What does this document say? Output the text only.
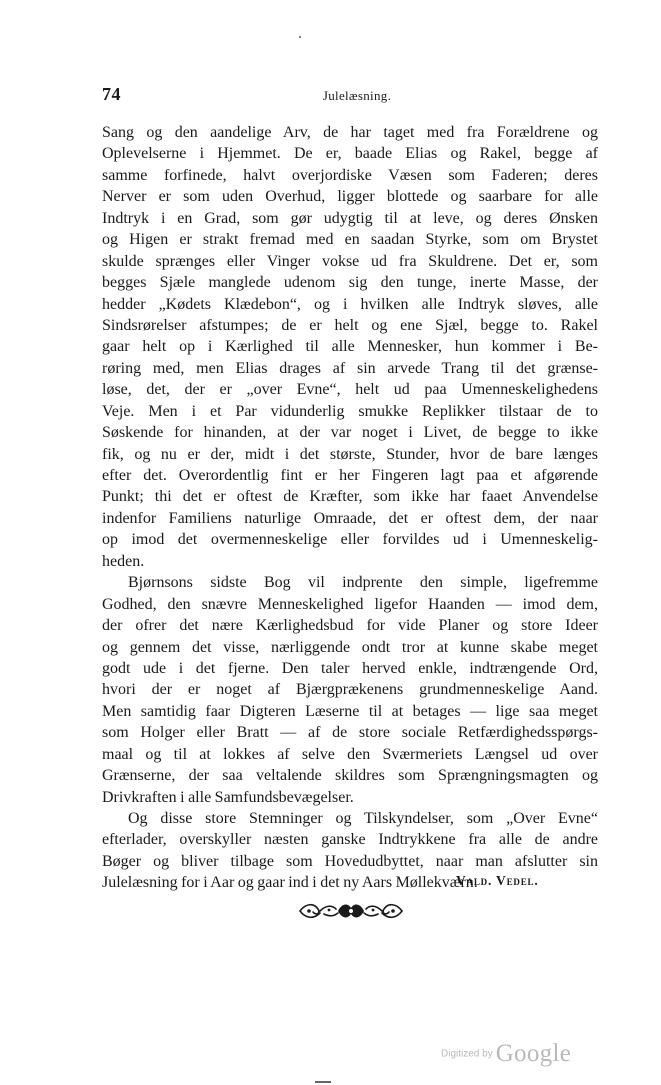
74	Julelæsning.
Sang og den aandelige Arv, de har taget med fra Forældrene og
Oplevelserne i Hjemmet. De er, baade Elias og Rakel, begge af
samme forfinede, halvt overjordiske Væsen som Faderen; deres
Nerver er som uden Overhud, ligger blottede og saarbare for alle
Indtryk i en Grad, som gør udygtig til at leve, og deres Ønsken
og Higen er strakt fremad med en saadan Styrke, som om Brystet
skulde sprænges eller Vinger vokse ud fra Skuldrene. Det er, som
begges Sjæle manglede udenom sig den tunge, inerte Masse, der
hedder „Kødets Klædebon“, og i hvilken alle Indtryk sløves, alle
Sindsrørelser afstumpes; de er helt og ene Sjæl, begge to. Rakel
gaar helt op i Kærlighed til alle Mennesker, hun kommer i Be-
røring med, men Elias drages af sin arvede Trang til det grænse-
løse, det, der er „over Evne“, helt ud paa Umenneskelighedens
Veje. Men i et Par vidunderlig smukke Replikker tilstaar de to
Søskende for hinanden, at der var noget i Livet, de begge to ikke
fik, og nu er der, midt i det største, Stunder, hvor de bare længes
efter det. Overordentlig fint er her Fingeren lagt paa et afgørende
Punkt; thi det er oftest de Kræfter, som ikke har faaet Anvendelse
indenfor Familiens naturlige Omraade, det er oftest dem, der naar
op imod det overmenneskelige eller forvildes ud i Umenneskelig-
heden.
Bjørnsons sidste Bog vil indprente den simple, ligefremme
Godhed, den snævre Menneskelighed ligefor Haanden — imod dem,
der ofrer det nære Kærlighedsbud for vide Planer og store Ideer
og gennem det visse, nærliggende ondt tror at kunne skabe meget
godt ude i det fjerne. Den taler herved enkle, indtrængende Ord,
hvori der er noget af Bjærgprækenens grundmenneskelige Aand.
Men samtidig faar Digteren Læserne til at betages — lige saa meget
som Holger eller Bratt — af de store sociale Retfærdighedsspørgs-
maal og til at lokkes af selve den Sværmeriets Længsel ud over
Grænserne, der saa veltalende skildres som Sprængningsmagten og
Drivkraften i alle Samfundsbevægelser.
Og disse store Stemninger og Tilskyndelser, som „Over Evne“
efterlader, overskyller næsten ganske Indtrykkene fra alle de andre
Bøger og bliver tilbage som Hovedudbyttet, naar man afslutter sin
Julelæsning for i Aar og gaar ind i det ny Aars Møllekværn.
Vald. Vedel.
Digitized by Google
